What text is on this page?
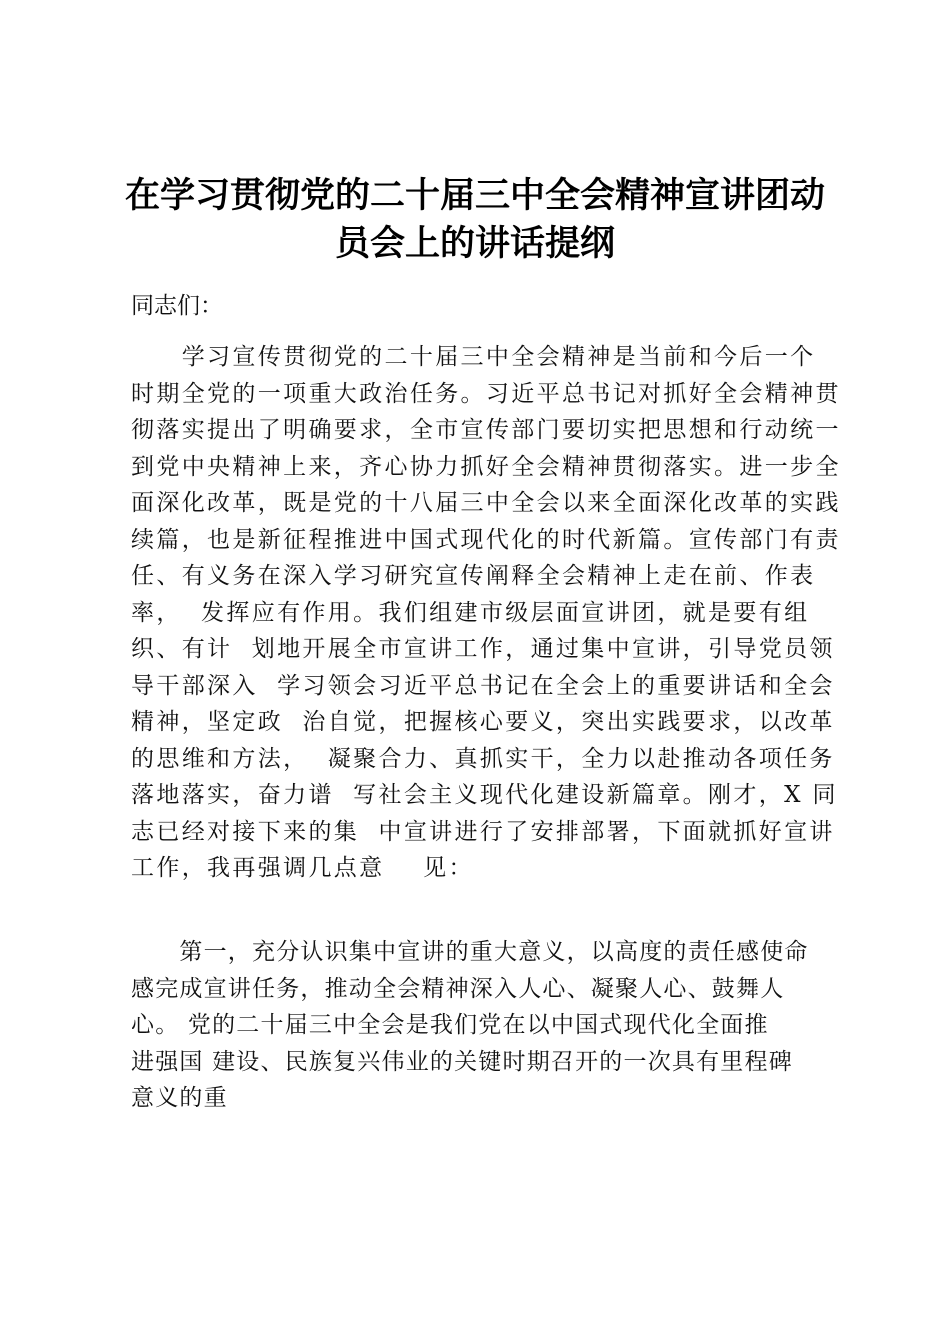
在学习贯彻党的二十届三中全会精神宣讲团动
员会上的讲话提纲

同志们：

　　学习宣传贯彻党的二十届三中全会精神是当前和今后一个
时期全党的一项重大政治任务。习近平总书记对抓好全会精神贯
彻落实提出了明确要求，全市宣传部门要切实把思想和行动统一
到党中央精神上来，齐心协力抓好全会精神贯彻落实。进一步全
面深化改革，既是党的十八届三中全会以来全面深化改革的实践
续篇，也是新征程推进中国式现代化的时代新篇。宣传部门有责
任、有义务在深入学习研究宣传阐释全会精神上走在前、作表
率，  发挥应有作用。我们组建市级层面宣讲团，就是要有组
织、有计  划地开展全市宣讲工作，通过集中宣讲，引导党员领
导干部深入  学习领会习近平总书记在全会上的重要讲话和全会
精神，坚定政  治自觉，把握核心要义，突出实践要求，以改革
的思维和方法，  凝聚合力、真抓实干，全力以赴推动各项任务
落地落实，奋力谱  写社会主义现代化建设新篇章。刚才，X 同
志已经对接下来的集  中宣讲进行了安排部署，下面就抓好宣讲
工作，我再强调几点意    见：
　　第一，充分认识集中宣讲的重大意义，以高度的责任感使命
感完成宣讲任务，推动全会精神深入人心、凝聚人心、鼓舞人
心。 党的二十届三中全会是我们党在以中国式现代化全面推
进强国 建设、民族复兴伟业的关键时期召开的一次具有里程碑
意义的重
